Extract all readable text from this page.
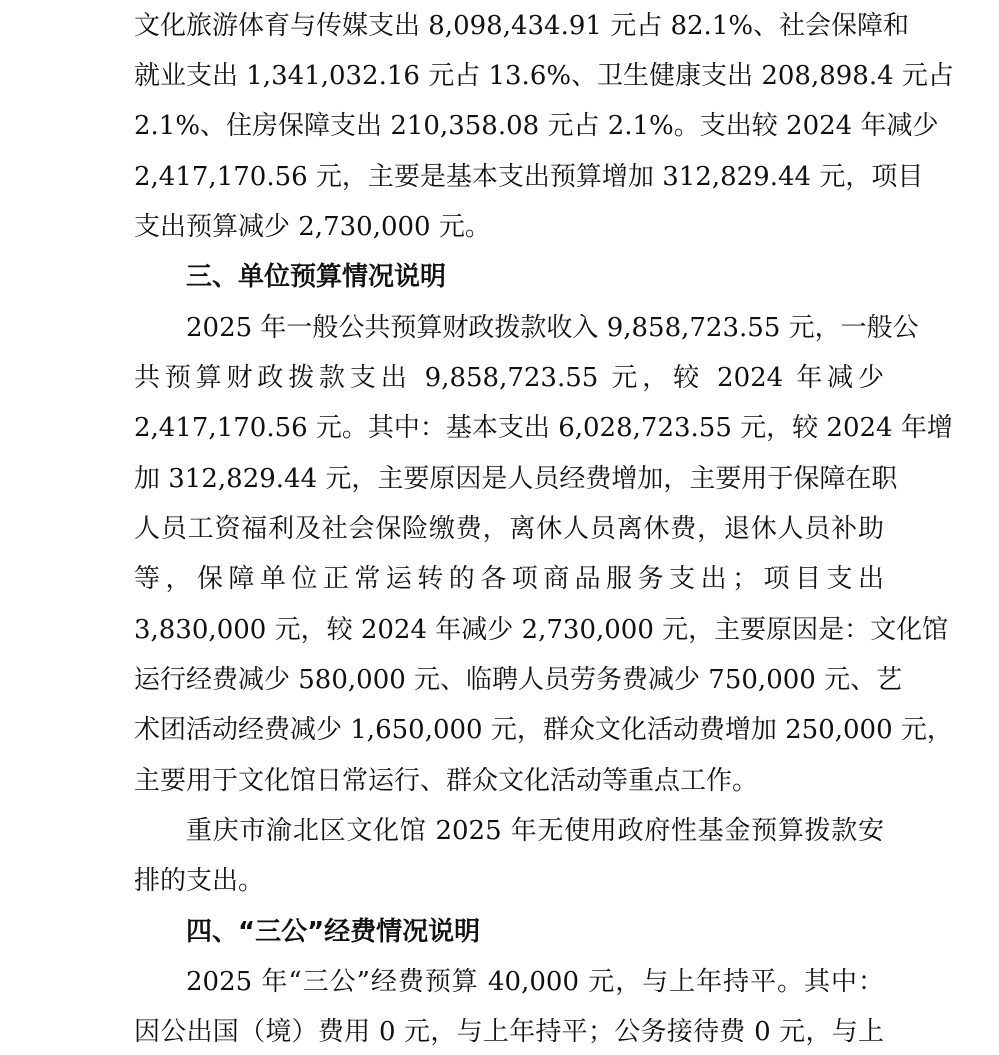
文化旅游体育与传媒支出 8,098,434.91 元占 82.1%、社会保障和
就业支出 1,341,032.16 元占 13.6%、卫生健康支出 208,898.4 元占
2.1%、住房保障支出 210,358.08 元占 2.1%。支出较 2024 年减少
2,417,170.56 元，主要是基本支出预算增加 312,829.44 元，项目
支出预算减少 2,730,000 元。
三、单位预算情况说明
2025 年一般公共预算财政拨款收入 9,858,723.55 元，一般公
共预算财政拨款支出 9,858,723.55 元，较 2024 年减少
2,417,170.56 元。其中：基本支出 6,028,723.55 元，较 2024 年增
加 312,829.44 元，主要原因是人员经费增加，主要用于保障在职
人员工资福利及社会保险缴费，离休人员离休费，退休人员补助
等，保障单位正常运转的各项商品服务支出；项目支出
3,830,000 元，较 2024 年减少 2,730,000 元，主要原因是：文化馆
运行经费减少 580,000 元、临聘人员劳务费减少 750,000 元、艺
术团活动经费减少 1,650,000 元，群众文化活动费增加 250,000 元，
主要用于文化馆日常运行、群众文化活动等重点工作。
重庆市渝北区文化馆 2025 年无使用政府性基金预算拨款安
排的支出。
四、“三公”经费情况说明
2025 年“三公”经费预算 40,000 元，与上年持平。其中：
因公出国（境）费用 0 元，与上年持平；公务接待费 0 元，与上
